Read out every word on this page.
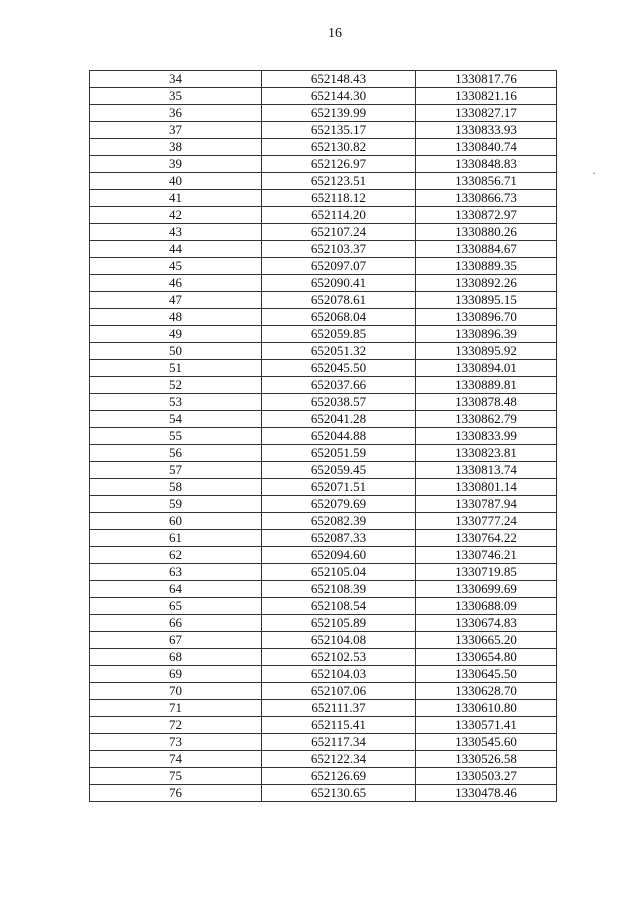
16
34	652148.43	1330817.76
35	652144.30	1330821.16
36	652139.99	1330827.17
37	652135.17	1330833.93
38	652130.82	1330840.74
39	652126.97	1330848.83
40	652123.51	1330856.71
41	652118.12	1330866.73
42	652114.20	1330872.97
43	652107.24	1330880.26
44	652103.37	1330884.67
45	652097.07	1330889.35
46	652090.41	1330892.26
47	652078.61	1330895.15
48	652068.04	1330896.70
49	652059.85	1330896.39
50	652051.32	1330895.92
51	652045.50	1330894.01
52	652037.66	1330889.81
53	652038.57	1330878.48
54	652041.28	1330862.79
55	652044.88	1330833.99
56	652051.59	1330823.81
57	652059.45	1330813.74
58	652071.51	1330801.14
59	652079.69	1330787.94
60	652082.39	1330777.24
61	652087.33	1330764.22
62	652094.60	1330746.21
63	652105.04	1330719.85
64	652108.39	1330699.69
65	652108.54	1330688.09
66	652105.89	1330674.83
67	652104.08	1330665.20
68	652102.53	1330654.80
69	652104.03	1330645.50
70	652107.06	1330628.70
71	652111.37	1330610.80
72	652115.41	1330571.41
73	652117.34	1330545.60
74	652122.34	1330526.58
75	652126.69	1330503.27
76	652130.65	1330478.46
·
